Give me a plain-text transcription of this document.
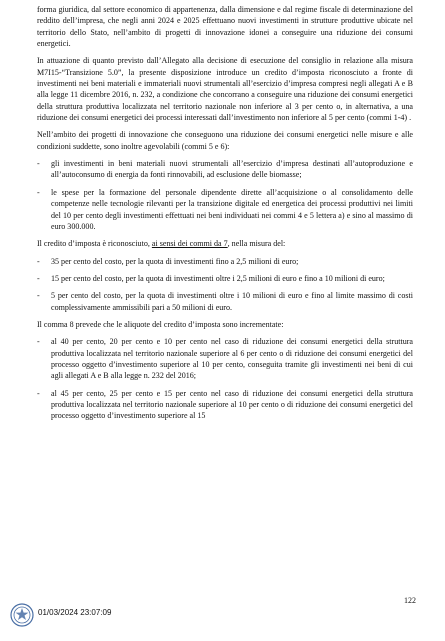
forma giuridica, dal settore economico di appartenenza, dalla dimensione e dal regime fiscale di determinazione del reddito dell’impresa, che negli anni 2024 e 2025 effettuano nuovi investimenti in strutture produttive ubicate nel territorio dello Stato, nell’ambito di progetti di innovazione idonei a conseguire una riduzione dei consumi energetici.

In attuazione di quanto previsto dall’Allegato alla decisione di esecuzione del consiglio in relazione alla misura M7I15-“Transizione 5.0”, la presente disposizione introduce un credito d’imposta riconosciuto a fronte di investimenti nei beni materiali e immateriali nuovi strumentali all’esercizio d’impresa compresi negli allegati A e B alla legge 11 dicembre 2016, n. 232, a condizione che concorrano a conseguire una riduzione dei consumi energetici della struttura produttiva localizzata nel territorio nazionale non inferiore al 3 per cento o, in alternativa, a una riduzione dei consumi energetici dei processi interessati dall’investimento non inferiore al 5 per cento (commi 1-4) .

Nell’ambito dei progetti di innovazione che conseguono una riduzione dei consumi energetici nelle misure e alle condizioni suddette, sono inoltre agevolabili (commi 5 e 6):

- gli investimenti in beni materiali nuovi strumentali all’esercizio d’impresa destinati all’autoproduzione e all’autoconsumo di energia da fonti rinnovabili, ad esclusione delle biomasse;
- le spese per la formazione del personale dipendente dirette all’acquisizione o al consolidamento delle competenze nelle tecnologie rilevanti per la transizione digitale ed energetica dei processi produttivi nei limiti del 10 per cento degli investimenti effettuati nei beni individuati nei commi 4 e 5 lettera a) e sino al massimo di euro 300.000.

Il credito d’imposta è riconosciuto, ai sensi dei commi da 7, nella misura del:

- 35 per cento del costo, per la quota di investimenti fino a 2,5 milioni di euro;
- 15 per cento del costo, per la quota di investimenti oltre i 2,5 milioni di euro e fino a 10 milioni di euro;
- 5 per cento del costo, per la quota di investimenti oltre i 10 milioni di euro e fino al limite massimo di costi complessivamente ammissibili pari a 50 milioni di euro.

Il comma 8 prevede che le aliquote del credito d’imposta sono incrementate:

- al 40 per cento, 20 per cento e 10 per cento nel caso di riduzione dei consumi energetici della struttura produttiva localizzata nel territorio nazionale superiore al 6 per cento o di riduzione dei consumi energetici del processo oggetto d’investimento superiore al 10 per cento, conseguita tramite gli investimenti nei beni di cui agli allegati A e B alla legge n. 232 del 2016;
- al 45 per cento, 25 per cento e 15 per cento nel caso di riduzione dei consumi energetici della struttura produttiva localizzata nel territorio nazionale superiore al 10 per cento o di riduzione dei consumi energetici del processo oggetto d’investimento superiore al 15
122
01/03/2024 23:07:09
